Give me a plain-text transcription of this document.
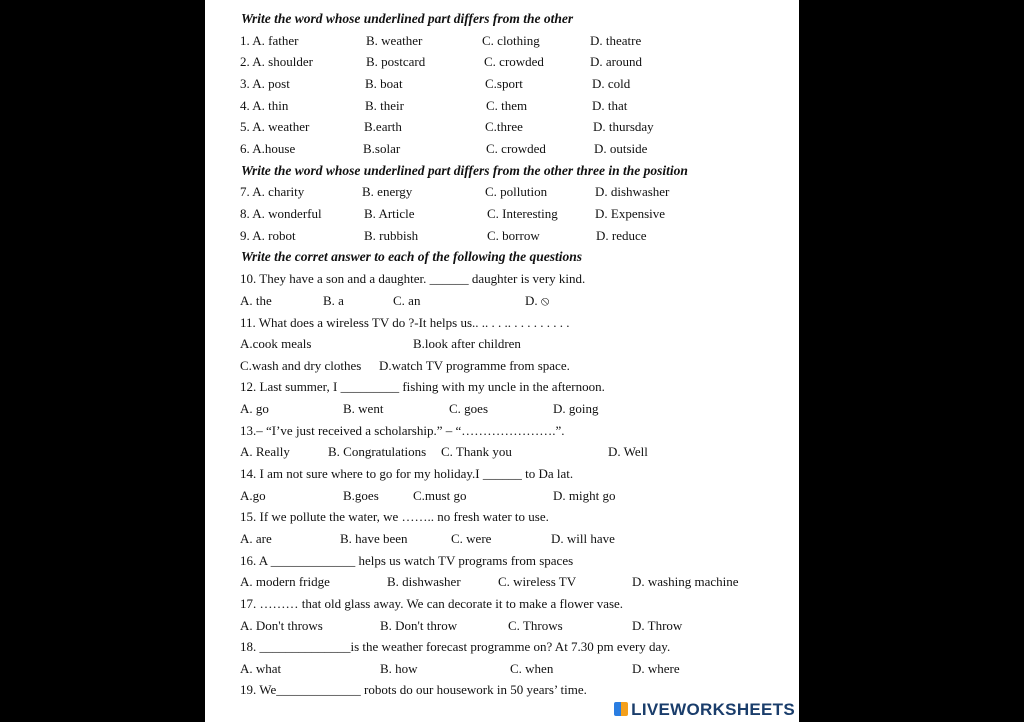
Write the word whose underlined part differs from the other
1. A. father	B. weather	C. clothing	D. theatre
2. A. shoulder	B. postcard	C. crowded	D. around
3. A. post	B. boat	C.sport	D. cold
4. A. thin	B. their	C. them	D. that
5. A. weather	B.earth	C.three	D. thursday
6. A.house	B.solar	C. crowded	D. outside
Write the word whose underlined part differs from the other three in the position
7. A. charity	B. energy	C. pollution	D. dishwasher
8. A. wonderful	B. Article	C. Interesting	D. Expensive
9. A. robot	B. rubbish	C. borrow	D. reduce
Write the corret answer to each of the following the questions
10. They have a son and a daughter. ______ daughter is very kind.
A. the	B. a	C. an	D. ⦸
11. What does a wireless TV do ?-It helps us.. .. . . .. . . . . . . . . .
A.cook meals	B.look after children
C.wash and dry clothes D.watch TV programme from space.
12. Last summer, I _________ fishing with my uncle in the afternoon.
A. go	B. went	C. goes	D. going
13.– “I’ve just received a scholarship.” – “………………….”.
A. Really	B. Congratulations C. Thank you	D. Well
14. I am not sure where to go for my holiday.I ______ to Da lat.
A.go	B.goes	C.must go	D. might go
15. If we pollute the water, we …….. no fresh water to use.
A. are	B. have been	C. were	D. will have
16. A _____________ helps us watch TV programs from spaces
A. modern fridge	B. dishwasher	C. wireless TV	D. washing machine
17. ……… that old glass away. We can decorate it to make a flower vase.
A. Don't throws	B. Don't throw	C. Throws	D. Throw
18. ______________is the weather forecast programme on? At 7.30 pm every day.
A. what	B. how	C. when	D. where
19. We_____________ robots do our housework in 50 years’ time.
LIVEWORKSHEETS
